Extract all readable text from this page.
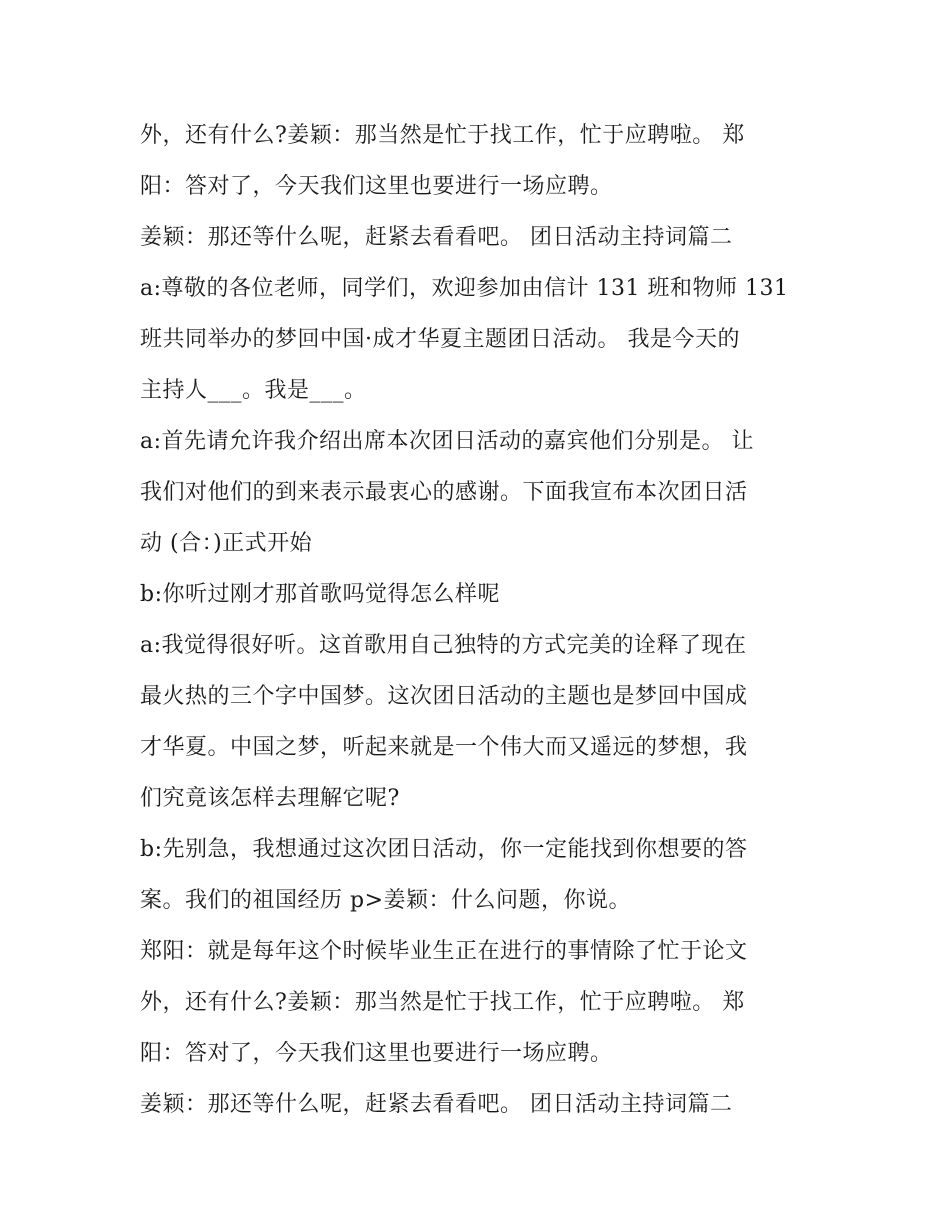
外，还有什么?姜颖：那当然是忙于找工作，忙于应聘啦。 郑
阳：答对了，今天我们这里也要进行一场应聘。
姜颖：那还等什么呢，赶紧去看看吧。 团日活动主持词篇二
a:尊敬的各位老师，同学们，欢迎参加由信计 131 班和物师 131
班共同举办的梦回中国·成才华夏主题团日活动。 我是今天的
主持人___。我是___。
a:首先请允许我介绍出席本次团日活动的嘉宾他们分别是。 让
我们对他们的到来表示最衷心的感谢。下面我宣布本次团日活
动 (合：)正式开始
b:你听过刚才那首歌吗觉得怎么样呢
a:我觉得很好听。这首歌用自己独特的方式完美的诠释了现在
最火热的三个字中国梦。这次团日活动的主题也是梦回中国成
才华夏。中国之梦，听起来就是一个伟大而又遥远的梦想，我
们究竟该怎样去理解它呢?
b:先别急，我想通过这次团日活动，你一定能找到你想要的答
案。我们的祖国经历 p>姜颖：什么问题，你说。
郑阳：就是每年这个时候毕业生正在进行的事情除了忙于论文
外，还有什么?姜颖：那当然是忙于找工作，忙于应聘啦。 郑
阳：答对了，今天我们这里也要进行一场应聘。
姜颖：那还等什么呢，赶紧去看看吧。 团日活动主持词篇二
